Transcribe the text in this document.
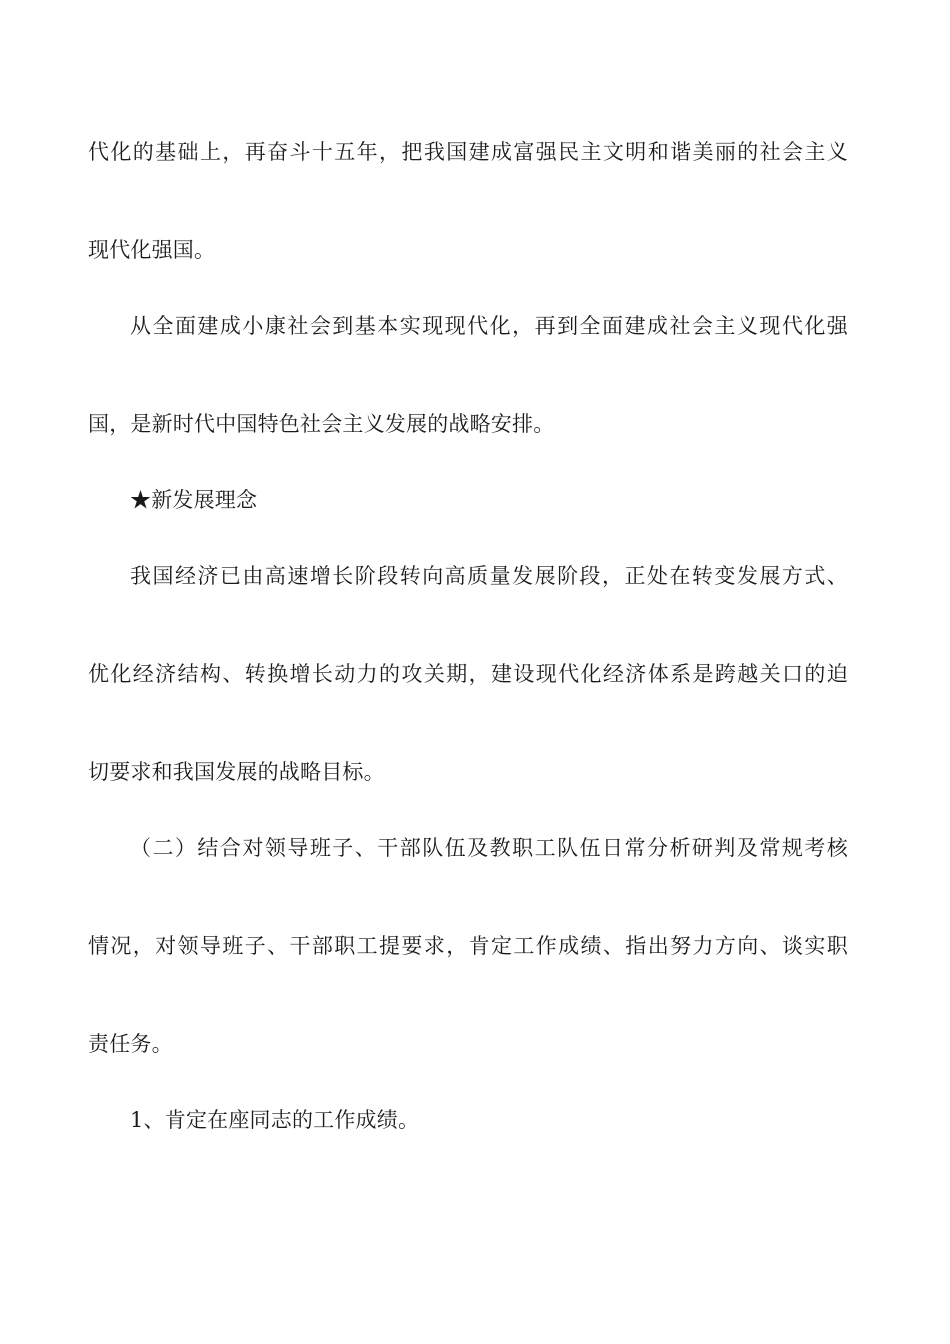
代化的基础上，再奋斗十五年，把我国建成富强民主文明和谐美丽的社会主义
现代化强国。
从全面建成小康社会到基本实现现代化，再到全面建成社会主义现代化强
国，是新时代中国特色社会主义发展的战略安排。
★新发展理念
我国经济已由高速增长阶段转向高质量发展阶段，正处在转变发展方式、
优化经济结构、转换增长动力的攻关期，建设现代化经济体系是跨越关口的迫
切要求和我国发展的战略目标。
（二）结合对领导班子、干部队伍及教职工队伍日常分析研判及常规考核
情况，对领导班子、干部职工提要求，肯定工作成绩、指出努力方向、谈实职
责任务。
1、肯定在座同志的工作成绩。
